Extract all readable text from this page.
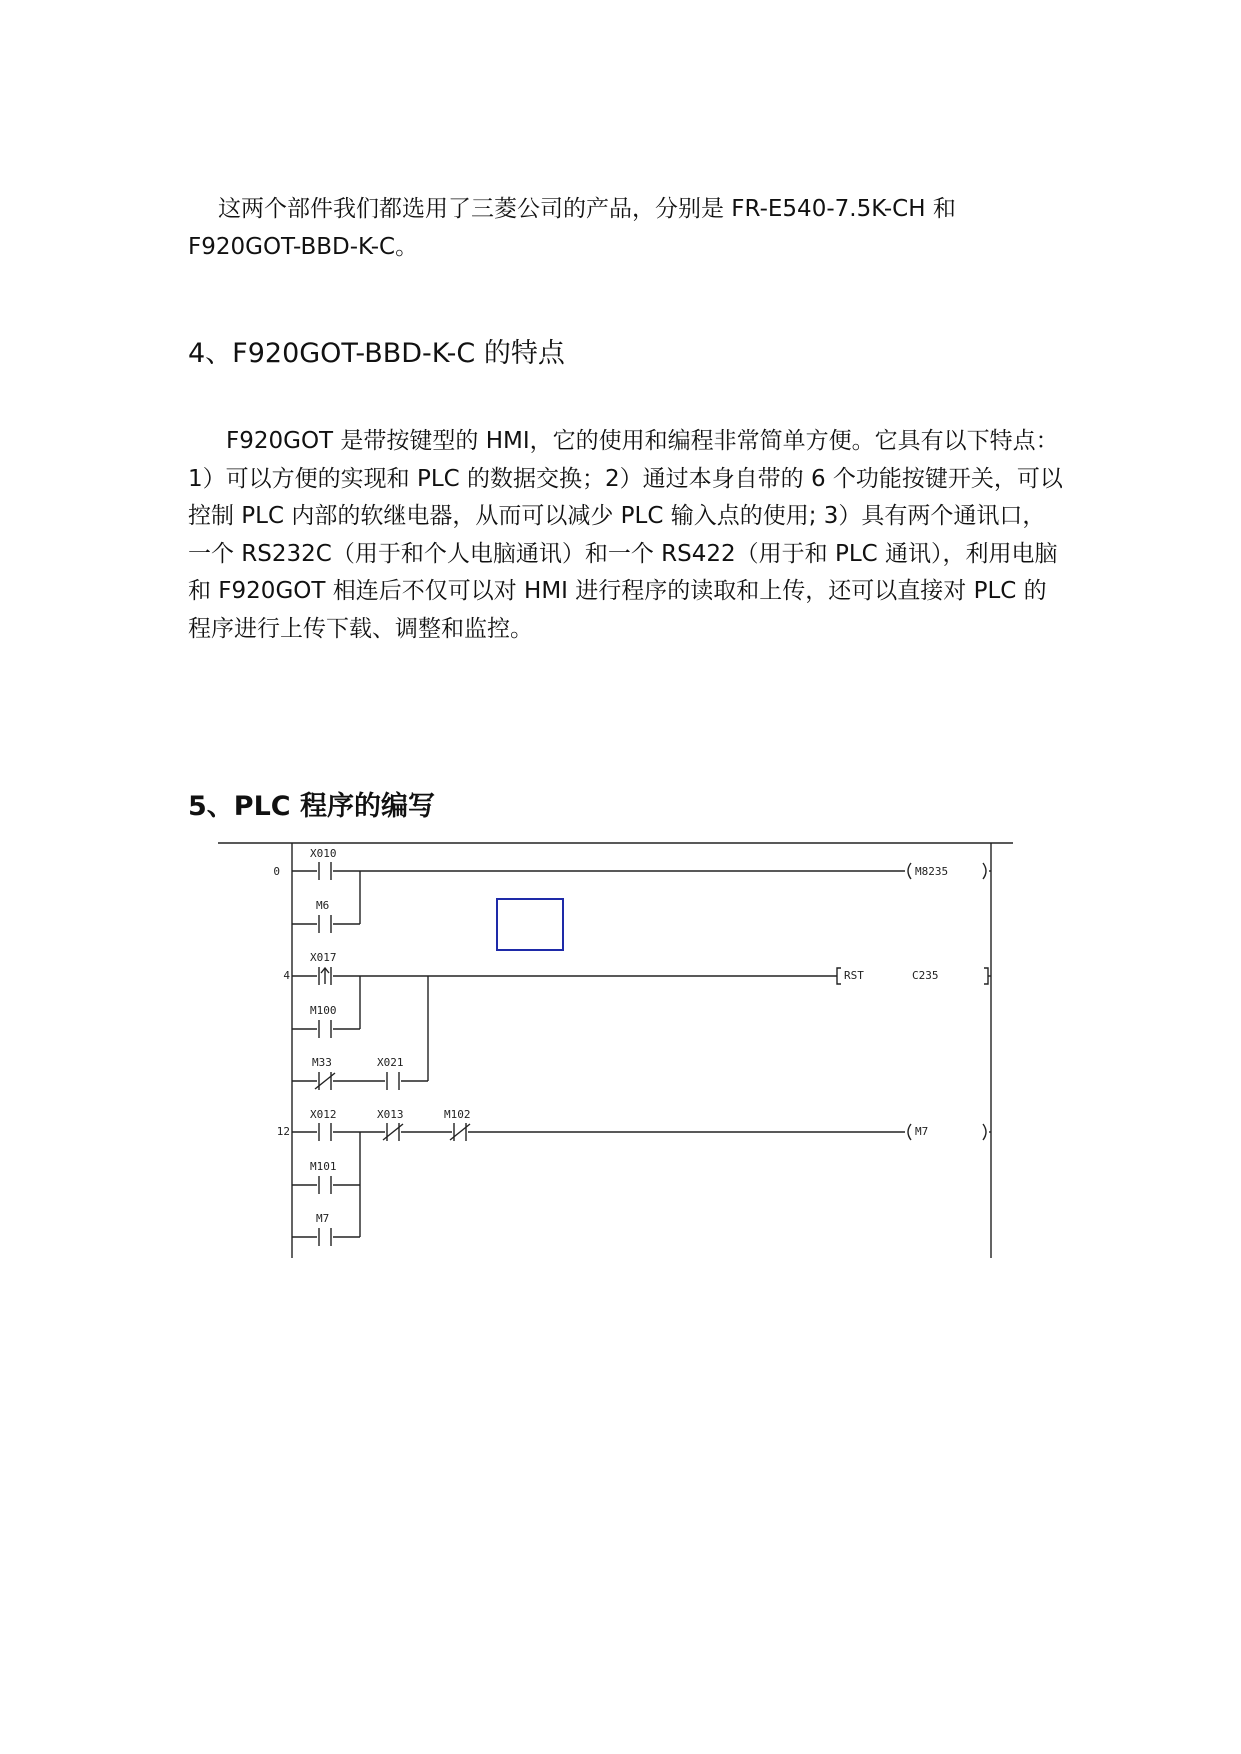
这两个部件我们都选用了三菱公司的产品，分别是 FR-E540-7.5K-CH 和 F920GOT-BBD-K-C。

4、F920GOT-BBD-K-C 的特点

F920GOT 是带按键型的 HMI，它的使用和编程非常简单方便。它具有以下特点：1）可以方便的实现和 PLC 的数据交换；2）通过本身自带的 6 个功能按键开关，可以控制 PLC 内部的软继电器，从而可以减少 PLC 输入点的使用; 3）具有两个通讯口，一个 RS232C（用于和个人电脑通讯）和一个 RS422（用于和 PLC 通讯），利用电脑和 F920GOT 相连后不仅可以对 HMI 进行程序的读取和上传，还可以直接对 PLC 的程序进行上传下载、调整和监控。

5、PLC 程序的编写
0
X010
M8235
M6
4
X017
RST	C235
M100
M33	X021
12
X012	X013	M102
M7
M101
M7
